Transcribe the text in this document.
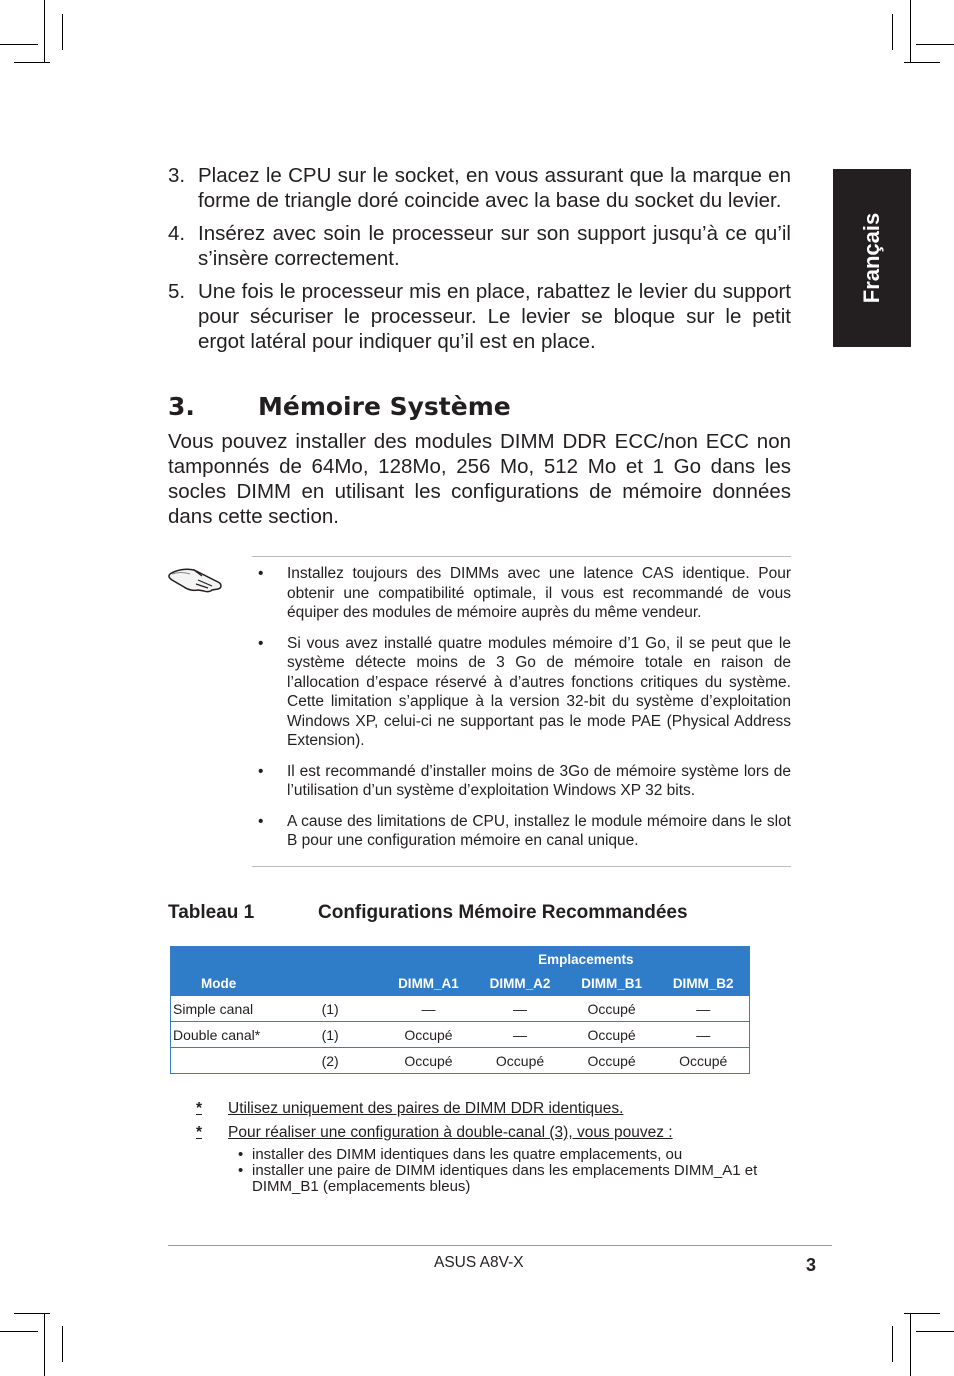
Français
3. Placez le CPU sur le socket, en vous assurant que la marque en forme de triangle doré coincide avec la base du socket du levier.
4. Insérez avec soin le processeur sur son support jusqu’à ce qu’il s’insère correctement.
5. Une fois le processeur mis en place, rabattez le levier du support pour sécuriser le processeur. Le levier se bloque sur le petit ergot latéral pour indiquer qu’il est en place.
3.	Mémoire Système
Vous pouvez installer des modules DIMM DDR ECC/non ECC non tamponnés de 64Mo, 128Mo, 256 Mo, 512 Mo et 1 Go dans les socles DIMM en utilisant les configurations de mémoire données dans cette section.
•	Installez toujours des DIMMs avec une latence CAS identique. Pour obtenir une compatibilité optimale, il vous est recommandé de vous équiper des modules de mémoire auprès du même vendeur.
•	Si vous avez installé quatre modules mémoire d’1 Go, il se peut que le système détecte moins de 3 Go de mémoire totale en raison de l’allocation d’espace réservé à d’autres fonctions critiques du système. Cette limitation s’applique à la version 32-bit du système d’exploitation Windows XP, celui-ci ne supportant pas le mode PAE (Physical Address Extension).
•	Il est recommandé d’installer moins de 3Go de mémoire système lors de l’utilisation d’un système d’exploitation Windows XP 32 bits.
•	A cause des limitations de CPU, installez le module mémoire dans le slot B pour une configuration mémoire en canal unique.
Tableau 1	Configurations Mémoire Recommandées
		Emplacements			
Mode		DIMM_A1	DIMM_A2	DIMM_B1	DIMM_B2
Simple canal	(1)	—	—	Occupé	—
Double canal*	(1)	Occupé	—	Occupé	—
	(2)	Occupé	Occupé	Occupé	Occupé
*	Utilisez uniquement des paires de DIMM DDR identiques.
*	Pour réaliser une configuration à double-canal (3), vous pouvez :
• installer des DIMM identiques dans les quatre emplacements, ou
• installer une paire de DIMM identiques dans les emplacements DIMM_A1 et DIMM_B1 (emplacements bleus)
ASUS A8V-X	3
